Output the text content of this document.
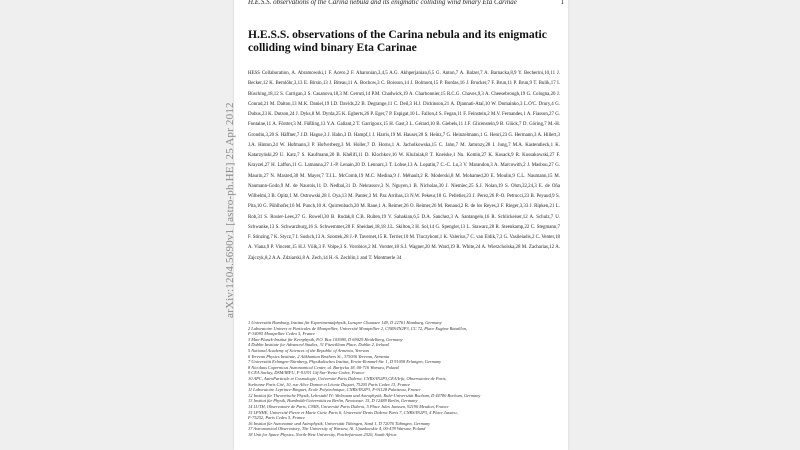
H.E.S.S. observations of the Carina nebula and its enigmatic colliding wind binary Eta Carinae	1
H.E.S.S. observations of the Carina nebula and its enigmatic colliding wind binary Eta Carinae

HESS Collaboration, A. Abramowski,1 F. Acero,2 F. Aharonian,3,4,5 A.G. Akhperjanian,6,5 G. Anton,7 A. Balzer,7 A. Barnacka,8,9 Y. Becherini,10,11 J. Becker,12 K. Bernlöhr,3,13 E. Birsin,13 J. Biteau,11 A. Bochow,3 C. Boisson,14 J. Bolmont,15 P. Bordas,16 J. Brucker,7 F. Brun,11 P. Brun,9 T. Bulik,17 I. Büsching,18,12 S. Carrigan,3 S. Casanova,18,3 M. Cerruti,14 P.M. Chadwick,19 A. Charbonnier,15 R.C.G. Chaves,9,3 A. Cheesebrough,19 G. Cologna,20 J. Conrad,21 M. Dalton,13 M.K. Daniel,19 I.D. Davids,22 B. Degrange,11 C. Deil,3 H.J. Dickinson,21 A. Djannati-Ataï,10 W. Domainko,3 L.O'C. Drury,4 G. Dubus,23 K. Dutson,24 J. Dyks,8 M. Dyrda,25 K. Egberts,26 P. Eger,7 P. Espigat,10 L. Fallon,4 S. Fegan,11 F. Feinstein,2 M.V. Fernandes,1 A. Fiasson,27 G. Fontaine,11 A. Förster,3 M. Füßling,13 Y.A. Gallant,2 T. Garrigoux,15 H. Gast,3 L. Gérard,10 B. Giebels,11 J.F. Glicenstein,9 B. Glück,7 D. Göring,7 M.-H. Grondin,3,20 S. Häffner,7 J.D. Hague,3 J. Hahn,3 D. Hampf,1 J. Harris,19 M. Hauser,20 S. Heinz,7 G. Heinzelmann,1 G. Henri,23 G. Hermann,3 A. Hillert,3 J.A. Hinton,24 W. Hofmann,3 P. Hofverberg,3 M. Holler,7 D. Horns,1 A. Jacholkowska,15 C. Jahn,7 M. Jamrozy,28 I. Jung,7 M.A. Kastendieck,1 K. Katarzyński,29 U. Katz,7 S. Kaufmann,20 B. Khélifi,11 D. Klochkov,16 W. Kluźniak,8 T. Kneiske,1 Nu. Komin,27 K. Kosack,9 R. Kossakowski,27 F. Krayzel,27 H. Laffon,11 G. Lamanna,27 J.-P. Lenain,20 D. Lennarz,3 T. Lohse,13 A. Lopatin,7 C.-C. Lu,3 V. Marandon,3 A. Marcowith,2 J. Masbou,27 G. Maurin,27 N. Maxted,30 M. Mayer,7 T.J.L. McComb,19 M.C. Medina,9 J. Méhault,2 R. Moderski,8 M. Mohamed,20 E. Moulin,9 C.L. Naumann,15 M. Naumann-Godo,9 M. de Naurois,11 D. Nedbal,31 D. Nekrassov,3 N. Nguyen,1 B. Nicholas,30 J. Niemiec,25 S.J. Nolan,19 S. Ohm,32,24,3 E. de Oña Wilhelmi,3 B. Opitz,1 M. Ostrowski,28 I. Oya,13 M. Panter,3 M. Paz Arribas,13 N.W. Pekeur,18 G. Pelletier,23 J. Perez,26 P.-O. Petrucci,23 B. Peyaud,9 S. Pita,10 G. Pühlhofer,16 M. Punch,10 A. Quirrenbach,20 M. Raue,1 A. Reimer,26 O. Reimer,26 M. Renaud,2 R. de los Reyes,3 F. Rieger,3,33 J. Ripken,21 L. Rob,31 S. Rosier-Lees,27 G. Rowell,30 B. Rudak,8 C.B. Rulten,19 V. Sahakian,6,5 D.A. Sanchez,3 A. Santangelo,16 R. Schlickeiser,12 A. Schulz,7 U. Schwanke,13 S. Schwarzburg,16 S. Schwemmer,20 F. Sheidaei,18,18 J.L. Skilton,3 H. Sol,14 G. Spengler,13 L. Stawarz,28 R. Steenkamp,22 C. Stegmann,7 F. Stinzing,7 K. Stycz,7 I. Sushch,13 A. Szostek,28 J.-P. Tavernet,15 R. Terrier,10 M. Tluczykont,1 K. Valerius,7 C. van Eldik,7,3 G. Vasileiadis,2 C. Venter,18 A. Viana,9 P. Vincent,15 H.J. Völk,3 F. Volpe,3 S. Vorobiov,2 M. Vorster,18 S.J. Wagner,20 M. Ward,19 R. White,24 A. Wierzcholska,28 M. Zacharias,12 A. Zajczyk,8,2 A.A. Zdziarski,8 A. Zech,14 H.-S. Zechlin,1 and T. Montmerle 34

1 Universität Hamburg, Institut für Experimentalphysik, Luruper Chaussee 149, D 22761 Hamburg, Germany
2 Laboratoire Univers et Particules de Montpellier, Université Montpellier 2, CNRS/IN2P3, CC 72, Place Eugène Bataillon,
F-34095 Montpellier Cedex 5, France
3 Max-Planck-Institut für Kernphysik, P.O. Box 103980, D 69029 Heidelberg, Germany
4 Dublin Institute for Advanced Studies, 31 Fitzwilliam Place, Dublin 2, Ireland
5 National Academy of Sciences of the Republic of Armenia, Yerevan
6 Yerevan Physics Institute, 2 Alikhanian Brothers St., 375036 Yerevan, Armenia
7 Universität Erlangen-Nürnberg, Physikalisches Institut, Erwin-Rommel-Str. 1, D 91058 Erlangen, Germany
8 Nicolaus Copernicus Astronomical Center, ul. Bartycka 18, 00-716 Warsaw, Poland
9 CEA Saclay, DSM/IRFU, F-91191 Gif-Sur-Yvette Cedex, France
10 APC, AstroParticule et Cosmologie, Université Paris Diderot, CNRS/IN2P3,CEA/Irfu, Observatoire de Paris,
Sorbonne Paris Cité, 10, rue Alice Domon et Léonie Duquet, 75205 Paris Cedex 13, France
11 Laboratoire Leprince-Ringuet, Ecole Polytechnique, CNRS/IN2P3, F-91128 Palaiseau, France
12 Institut für Theoretische Physik, Lehrstuhl IV: Weltraum und Astrophysik, Ruhr-Universität Bochum, D 44780 Bochum, Germany
13 Institut für Physik, Humboldt-Universität zu Berlin, Newtonstr. 15, D 12489 Berlin, Germany
14 LUTH, Observatoire de Paris, CNRS, Université Paris Diderot, 5 Place Jules Janssen, 92190 Meudon, France
15 LPNHE, Université Pierre et Marie Curie Paris 6, Université Denis Diderot Paris 7, CNRS/IN2P3, 4 Place Jussieu,
F-75252, Paris Cedex 5, France
16 Institut für Astronomie und Astrophysik, Universität Tübingen, Sand 1, D 72076 Tübingen, Germany
17 Astronomical Observatory, The University of Warsaw, Al. Ujazdowskie 4, 00-478 Warsaw, Poland
18 Unit for Space Physics, North-West University, Potchefstroom 2520, South Africa
arXiv:1204.5690v1 [astro-ph.HE] 25 Apr 2012
